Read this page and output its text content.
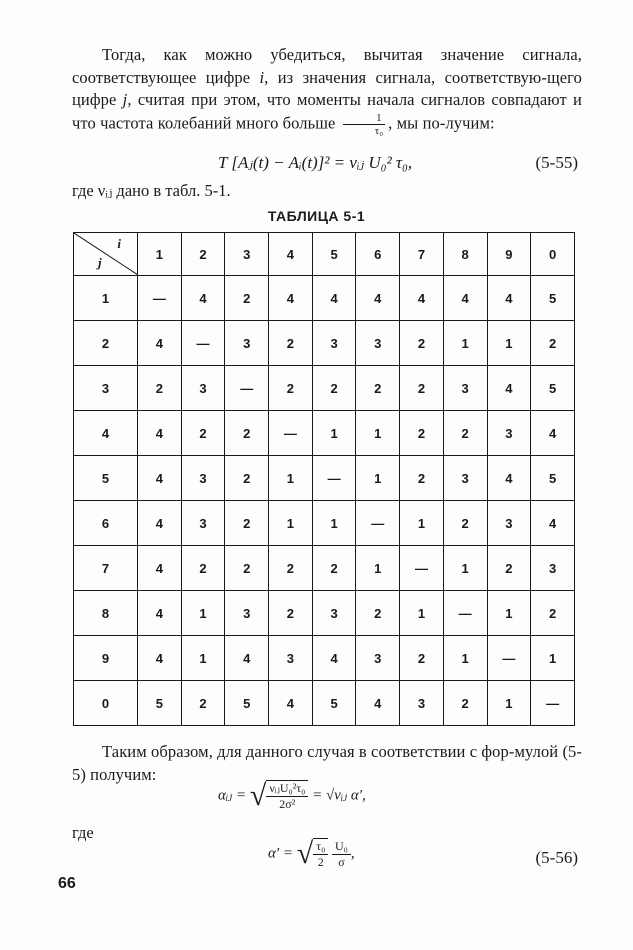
Тогда, как можно убедиться, вычитая значение сигнала, соответствующее цифре i, из значения сигнала, соответствую-щего цифре j, считая при этом, что моменты начала сигналов совпадают и что частота колебаний много больше $\frac{1}{\text{τ₀}}$ , мы по-лучим:
T [Aⱼ(t) − Aᵢ(t)]² = νᵢⱼ U₀² τ₀,	(5-55)
где νᵢⱼ дано в табл. 5-1.
ТАБЛИЦА 5-1
i
j	1	2	3	4	5	6	7	8	9	0
1	—	4	2	4	4	4	4	4	4	5
2	4	—	3	2	3	3	2	1	1	2
3	2	3	—	2	2	2	2	3	4	5
4	4	2	2	—	1	1	2	2	3	4
5	4	3	2	1	—	1	2	3	4	5
6	4	3	2	1	1	—	1	2	3	4
7	4	2	2	2	2	1	—	1	2	3
8	4	1	3	2	3	2	1	—	1	2
9	4	1	4	3	4	3	2	1	—	1
0	5	2	5	4	5	4	3	2	1	—
Таким образом, для данного случая в соответствии с фор-мулой (5-5) получим:
αᵢⱼ = √ $\frac{\text{νᵢⱼU₀²τ₀}}{\text{2σ²}}$ = √νᵢⱼ α′,
где
α′ = √ $\frac{\text{τ₀}}{2}$
$\frac{\text{U₀}}{\sigma}$ ,	(5-56)
66
